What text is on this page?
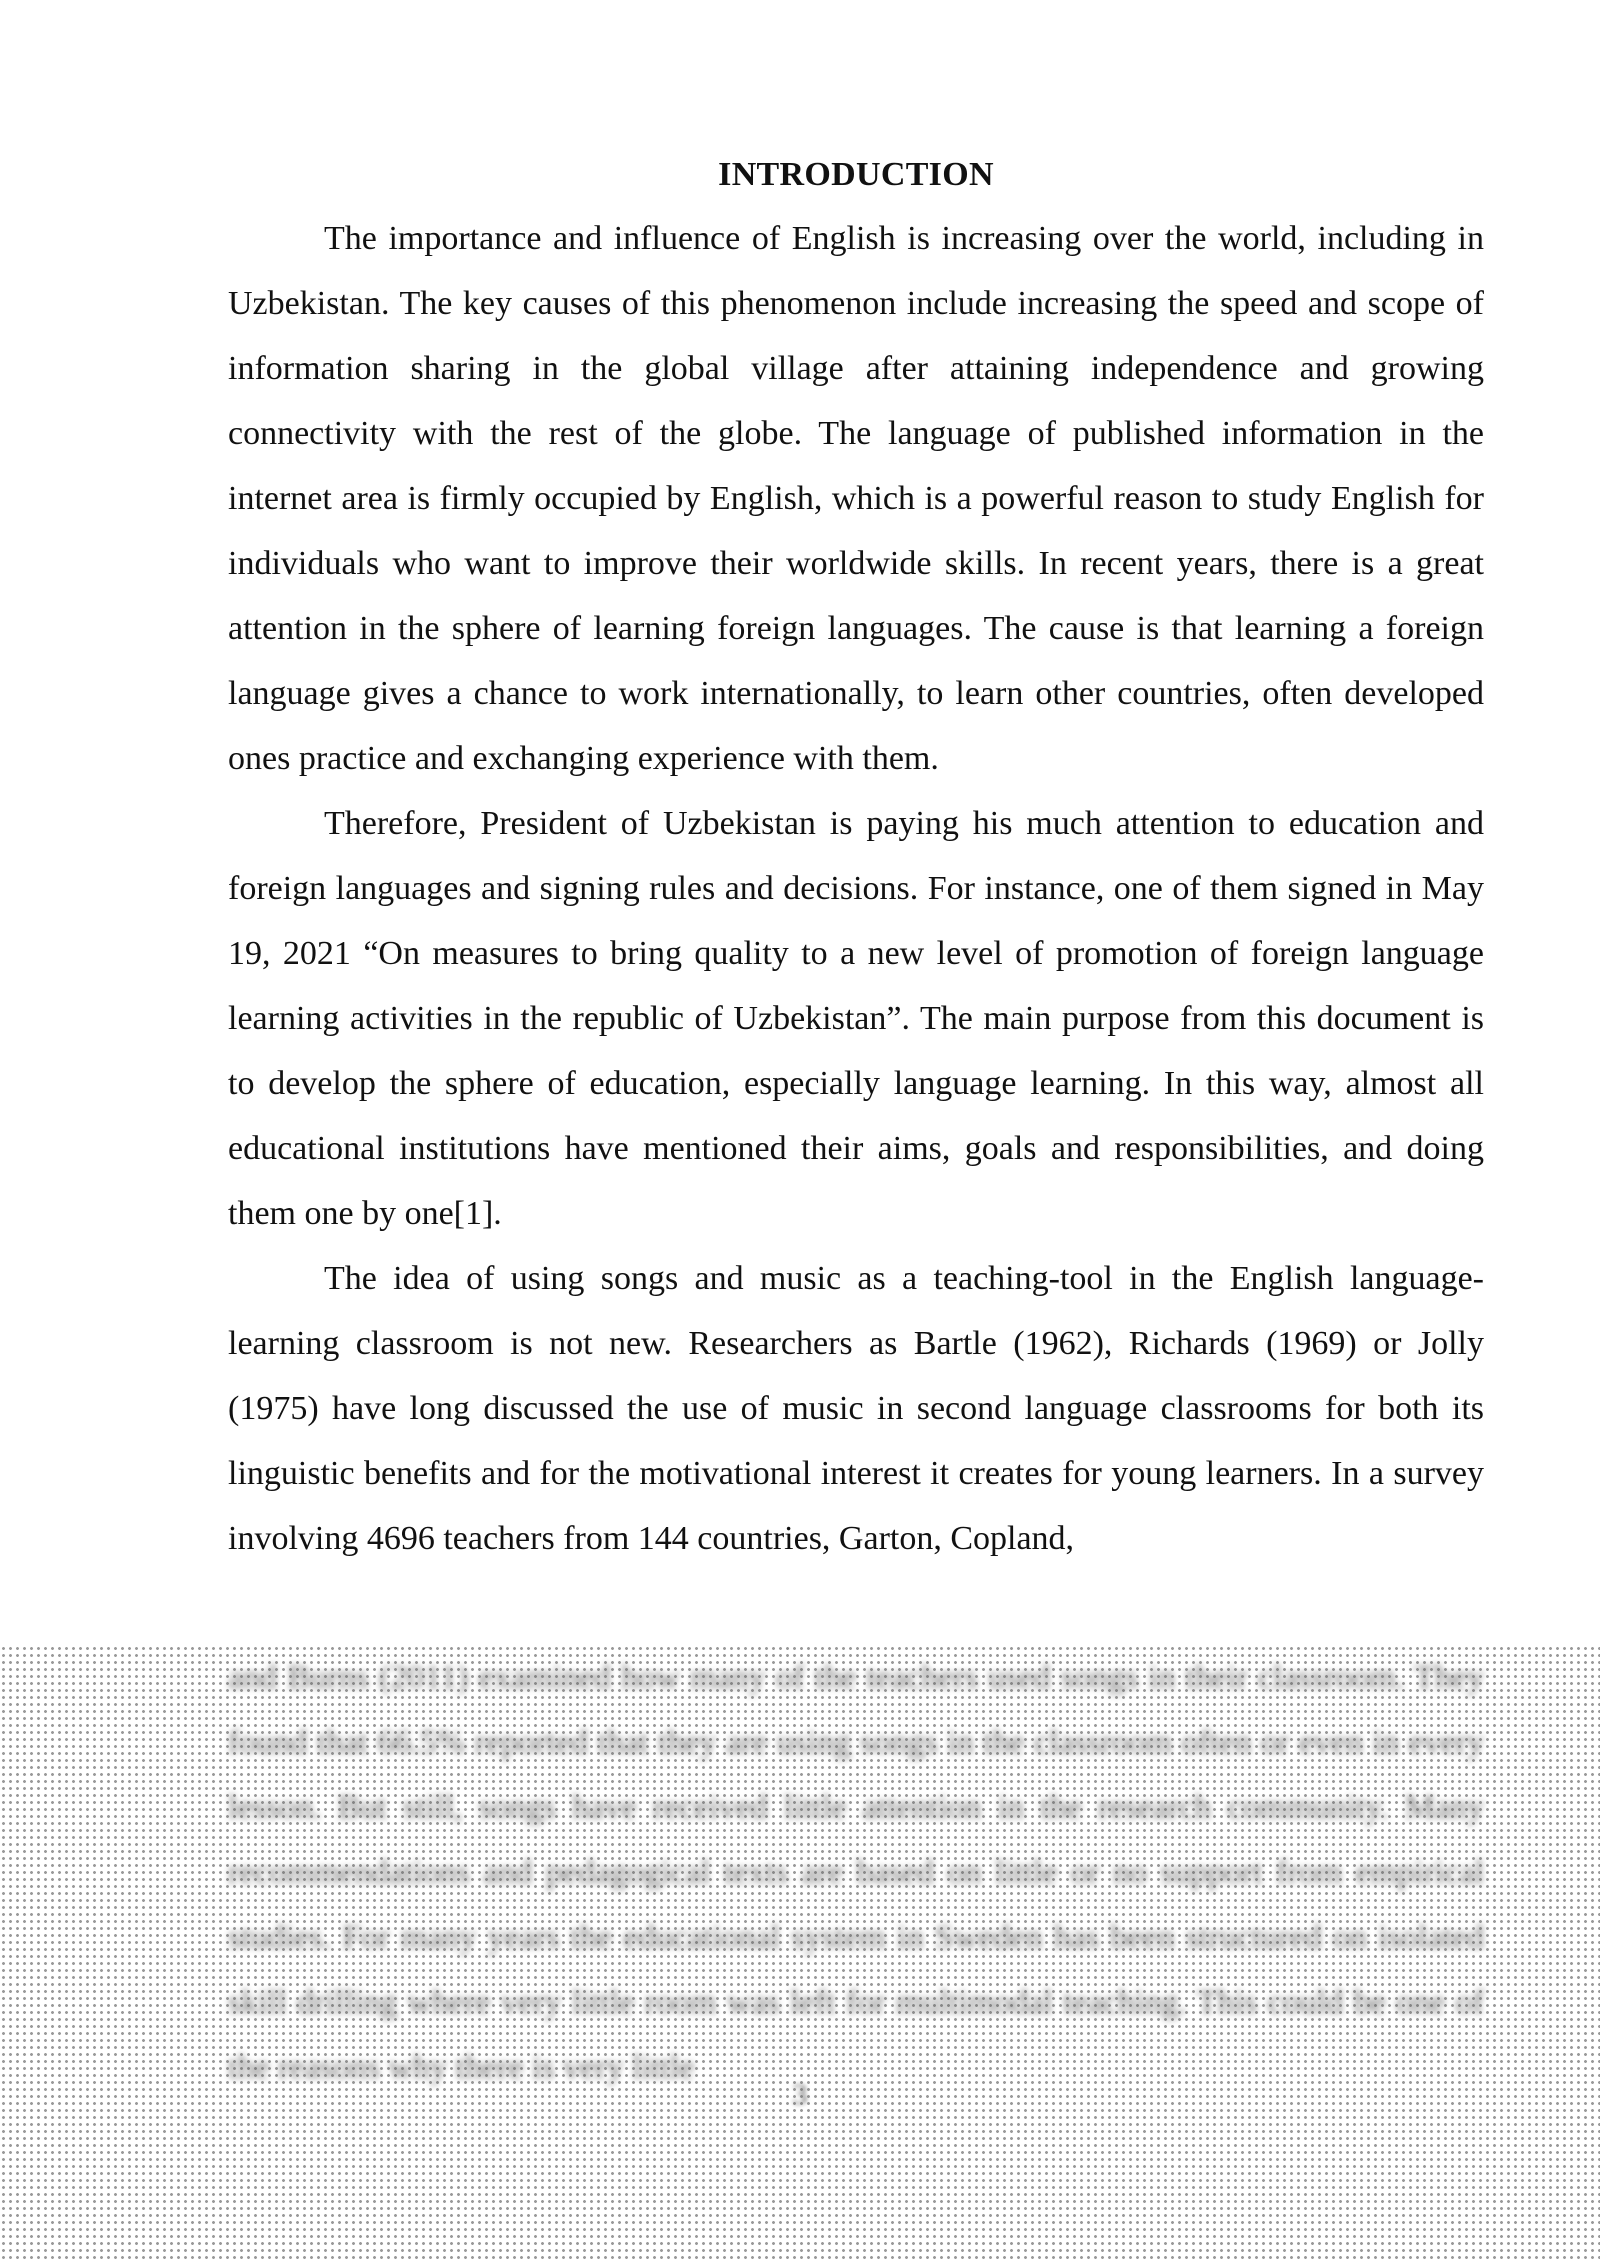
INTRODUCTION

The importance and influence of English is increasing over the world, including in Uzbekistan. The key causes of this phenomenon include increasing the speed and scope of information sharing in the global village after attaining independence and growing connectivity with the rest of the globe. The language of published information in the internet area is firmly occupied by English, which is a powerful reason to study English for individuals who want to improve their worldwide skills. In recent years, there is a great attention in the sphere of learning foreign languages. The cause is that learning a foreign language gives a chance to work internationally, to learn other countries, often developed ones practice and exchanging experience with them.

Therefore, President of Uzbekistan is paying his much attention to education and foreign languages and signing rules and decisions. For instance, one of them signed in May 19, 2021 “On measures to bring quality to a new level of promotion of foreign language learning activities in the republic of Uzbekistan”. The main purpose from this document is to develop the sphere of education, especially language learning. In this way, almost all educational institutions have mentioned their aims, goals and responsibilities, and doing them one by one[1].

The idea of using songs and music as a teaching-tool in the English language-learning classroom is not new. Researchers as Bartle (1962), Richards (1969) or Jolly (1975) have long discussed the use of music in second language classrooms for both its linguistic benefits and for the motivational interest it creates for young learners. In a survey involving 4696 teachers from 144 countries, Garton, Copland,

and Burns (2011) examined how many of the teachers used songs in their classroom. They found that 66.5% reported that they are using songs in the classroom often or even in every lesson. But still, songs have received little attention in the research community. Many recommendations and pedagogical texts are based on little or no support from empirical studies. For many years the educational system in Sweden has been structured on isolated skill drilling where very little room was left for multimodal teaching. This could be one of the reasons why there is very little

3
